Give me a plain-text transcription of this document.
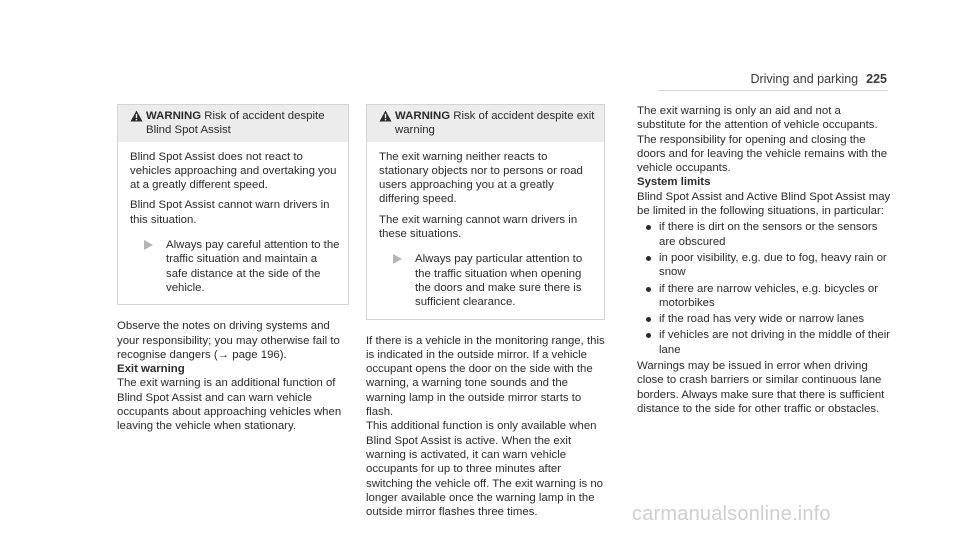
Driving and parking 225
WARNING Risk of accident despite Blind Spot Assist

Blind Spot Assist does not react to vehicles approaching and overtaking you at a greatly different speed.

Blind Spot Assist cannot warn drivers in this situation.

Always pay careful attention to the traffic situation and maintain a safe distance at the side of the vehicle.

Observe the notes on driving systems and your responsibility; you may otherwise fail to recognise dangers (→ page 196).

Exit warning

The exit warning is an additional function of Blind Spot Assist and can warn vehicle occupants about approaching vehicles when leaving the vehicle when stationary.

WARNING Risk of accident despite exit warning

The exit warning neither reacts to stationary objects nor to persons or road users approaching you at a greatly differing speed.

The exit warning cannot warn drivers in these situations.

Always pay particular attention to the traffic situation when opening the doors and make sure there is sufficient clearance.

If there is a vehicle in the monitoring range, this is indicated in the outside mirror. If a vehicle occupant opens the door on the side with the warning, a warning tone sounds and the warning lamp in the outside mirror starts to flash.

This additional function is only available when Blind Spot Assist is active. When the exit warning is activated, it can warn vehicle occupants for up to three minutes after switching the vehicle off. The exit warning is no longer available once the warning lamp in the outside mirror flashes three times.

The exit warning is only an aid and not a substitute for the attention of vehicle occupants. The responsibility for opening and closing the doors and for leaving the vehicle remains with the vehicle occupants.

System limits

Blind Spot Assist and Active Blind Spot Assist may be limited in the following situations, in particular:

if there is dirt on the sensors or the sensors are obscured
in poor visibility, e.g. due to fog, heavy rain or snow
if there are narrow vehicles, e.g. bicycles or motorbikes
if the road has very wide or narrow lanes
if vehicles are not driving in the middle of their lane

Warnings may be issued in error when driving close to crash barriers or similar continuous lane borders. Always make sure that there is sufficient distance to the side for other traffic or obstacles.

carmanualsonline.info
